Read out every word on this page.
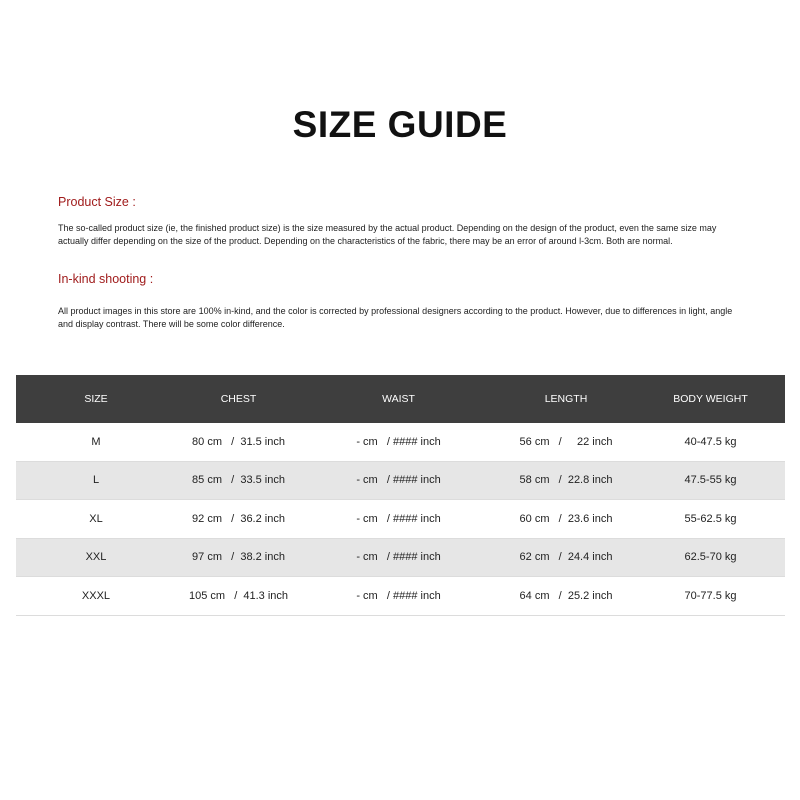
SIZE GUIDE
Product Size :
The so-called product size (ie, the finished product size) is the size measured by the actual product. Depending on the design of the product, even the same size may actually differ depending on the size of the product. Depending on the characteristics of the fabric, there may be an error of around l-3cm. Both are normal.
In-kind shooting :
All product images in this store are 100% in-kind, and the color is corrected by professional designers according to the product. However, due to differences in light, angle and display contrast. There will be some color difference.
SIZE	CHEST	WAIST	LENGTH	BODY WEIGHT
M	80 cm   /  31.5 inch	- cm   / #### inch	56 cm   /     22 inch	40-47.5 kg
L	85 cm   /  33.5 inch	- cm   / #### inch	58 cm   /  22.8 inch	47.5-55 kg
XL	92 cm   /  36.2 inch	- cm   / #### inch	60 cm   /  23.6 inch	55-62.5 kg
XXL	97 cm   /  38.2 inch	- cm   / #### inch	62 cm   /  24.4 inch	62.5-70 kg
XXXL	105 cm   /  41.3 inch	- cm   / #### inch	64 cm   /  25.2 inch	70-77.5 kg
